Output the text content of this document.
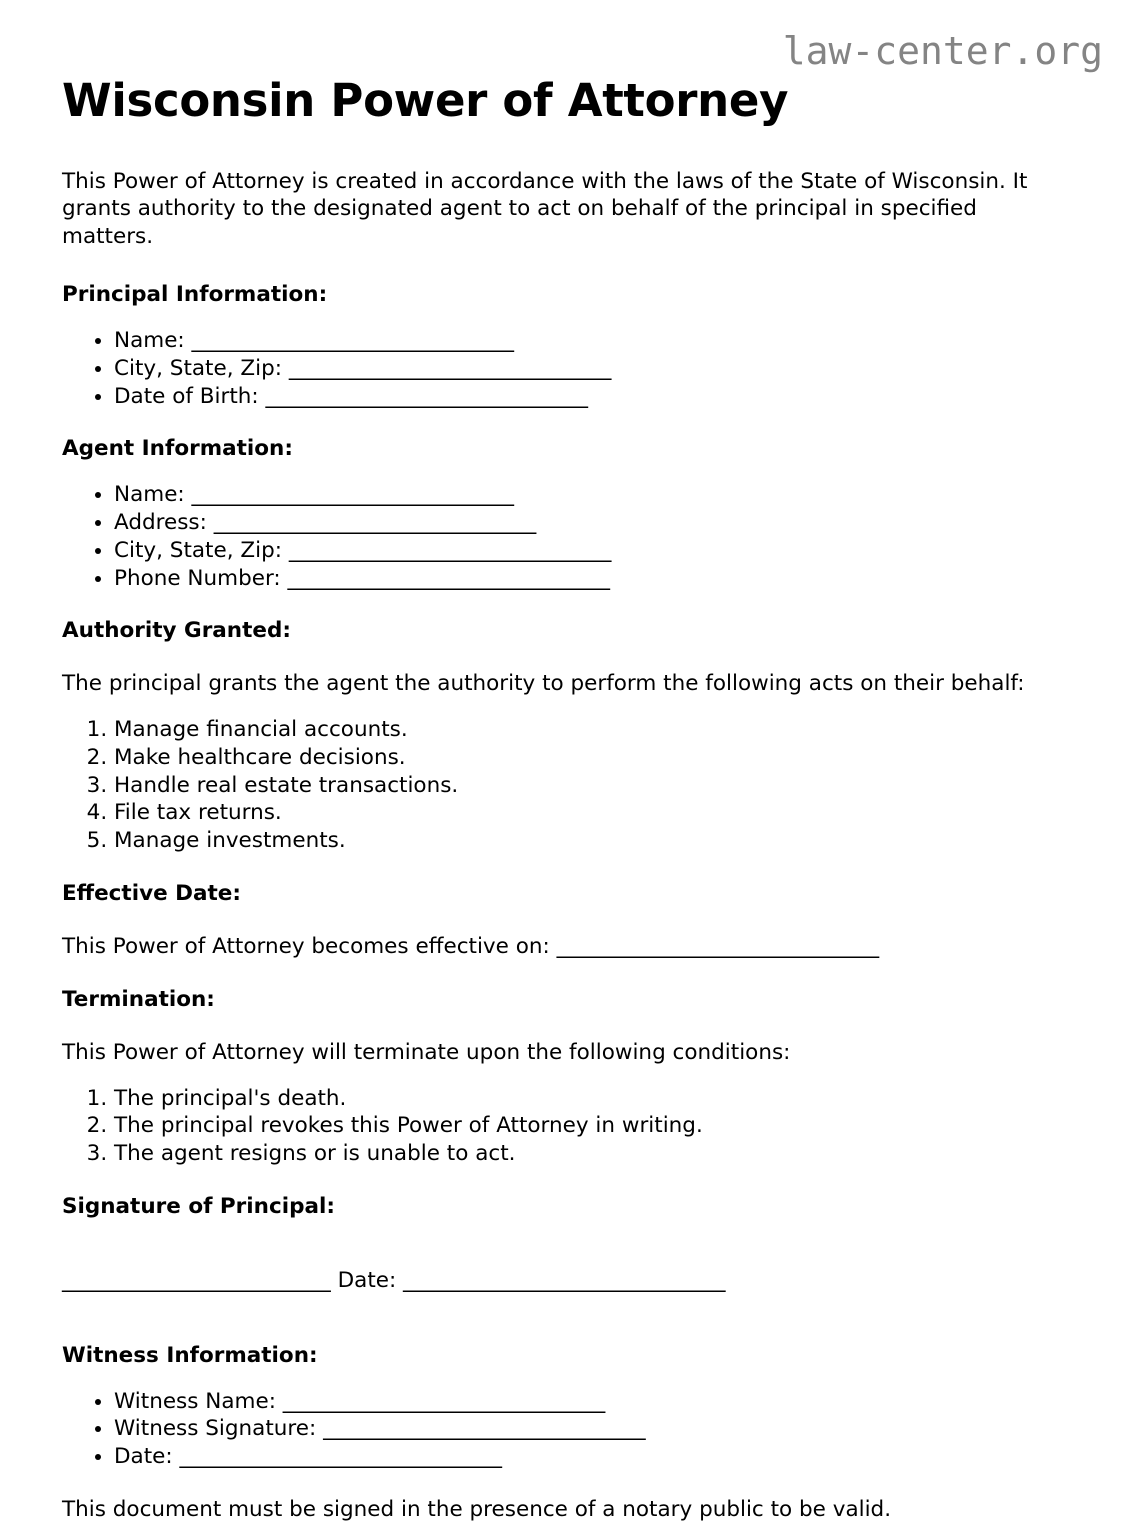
law-center.org
Wisconsin Power of Attorney

This Power of Attorney is created in accordance with the laws of the State of Wisconsin. It grants authority to the designated agent to act on behalf of the principal in specified matters.

Principal Information:
• Name: ______________________________
• City, State, Zip: ______________________________
• Date of Birth: ______________________________
Agent Information:
• Name: ______________________________
• Address: ______________________________
• City, State, Zip: ______________________________
• Phone Number: ______________________________
Authority Granted:

The principal grants the agent the authority to perform the following acts on their behalf:

1. Manage financial accounts.
2. Make healthcare decisions.
3. Handle real estate transactions.
4. File tax returns.
5. Manage investments.
Effective Date:

This Power of Attorney becomes effective on: ______________________________

Termination:

This Power of Attorney will terminate upon the following conditions:

1. The principal's death.
2. The principal revokes this Power of Attorney in writing.
3. The agent resigns or is unable to act.
Signature of Principal:

_________________________ Date: ______________________________

Witness Information:
• Witness Name: ______________________________
• Witness Signature: ______________________________
• Date: ______________________________

This document must be signed in the presence of a notary public to be valid.
